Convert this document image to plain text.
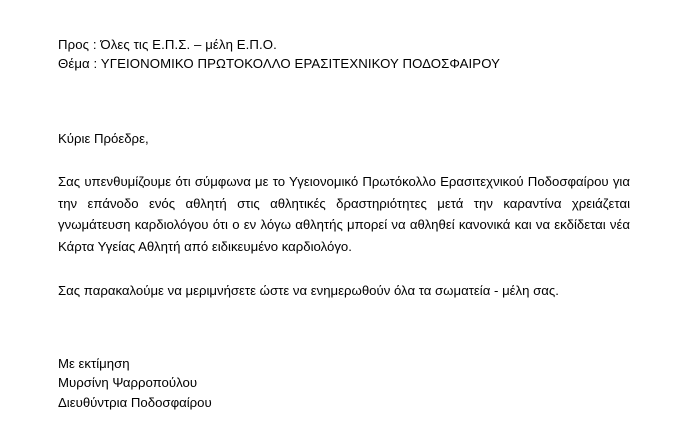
Προς : Όλες τις Ε.Π.Σ. – μέλη Ε.Π.Ο.
Θέμα : ΥΓΕΙΟΝΟΜΙΚΟ ΠΡΩΤΟΚΟΛΛΟ ΕΡΑΣΙΤΕΧΝΙΚΟΥ ΠΟΔΟΣΦΑΙΡΟΥ
Κύριε Πρόεδρε,
Σας υπενθυμίζουμε ότι σύμφωνα με το Υγειονομικό Πρωτόκολλο Ερασιτεχνικού Ποδοσφαίρου για την επάνοδο ενός αθλητή στις αθλητικές δραστηριότητες μετά την καραντίνα χρειάζεται γνωμάτευση καρδιολόγου ότι ο εν λόγω αθλητής μπορεί να αθληθεί κανονικά και να εκδίδεται νέα Κάρτα Υγείας Αθλητή από ειδικευμένο καρδιολόγο.
Σας παρακαλούμε να μεριμνήσετε ώστε να ενημερωθούν όλα τα σωματεία - μέλη σας.
Με εκτίμηση
Μυρσίνη Ψαρροπούλου
Διευθύντρια Ποδοσφαίρου
